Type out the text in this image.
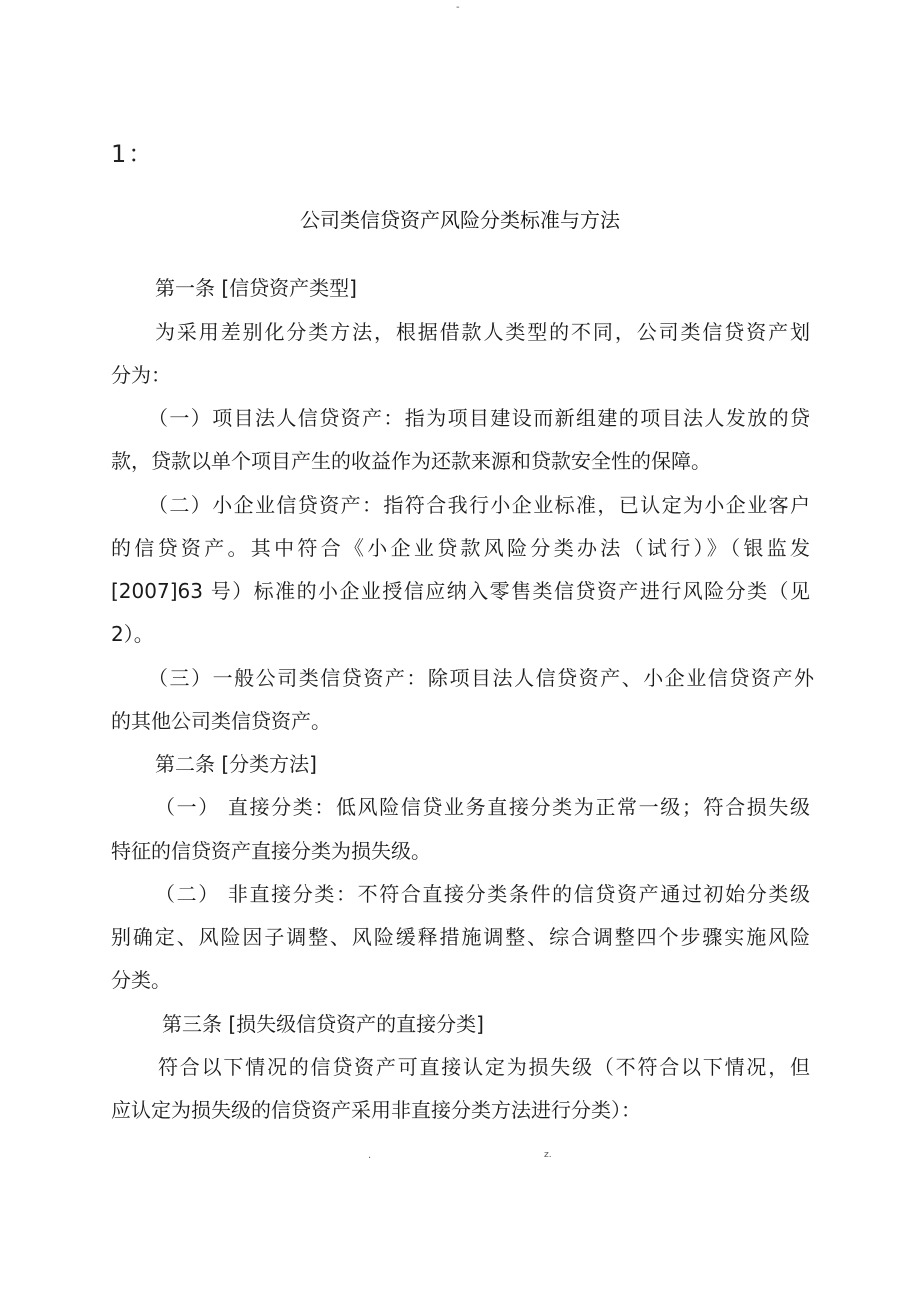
-
1：
公司类信贷资产风险分类标准与方法
第一条 [信贷资产类型]
为采用差别化分类方法，根据借款人类型的不同，公司类信贷资产划
分为：
（一）项目法人信贷资产：指为项目建设而新组建的项目法人发放的贷
款，贷款以单个项目产生的收益作为还款来源和贷款安全性的保障。
（二）小企业信贷资产：指符合我行小企业标准，已认定为小企业客户
的信贷资产。其中符合《小企业贷款风险分类办法（试行）》（银监发
[2007]63 号）标准的小企业授信应纳入零售类信贷资产进行风险分类（见
2）。
（三）一般公司类信贷资产：除项目法人信贷资产、小企业信贷资产外
的其他公司类信贷资产。
第二条 [分类方法]
（一） 直接分类：低风险信贷业务直接分类为正常一级；符合损失级
特征的信贷资产直接分类为损失级。
（二） 非直接分类：不符合直接分类条件的信贷资产通过初始分类级
别确定、风险因子调整、风险缓释措施调整、综合调整四个步骤实施风险
分类。
第三条 [损失级信贷资产的直接分类]
符合以下情况的信贷资产可直接认定为损失级（不符合以下情况，但
应认定为损失级的信贷资产采用非直接分类方法进行分类）：
.	z.
